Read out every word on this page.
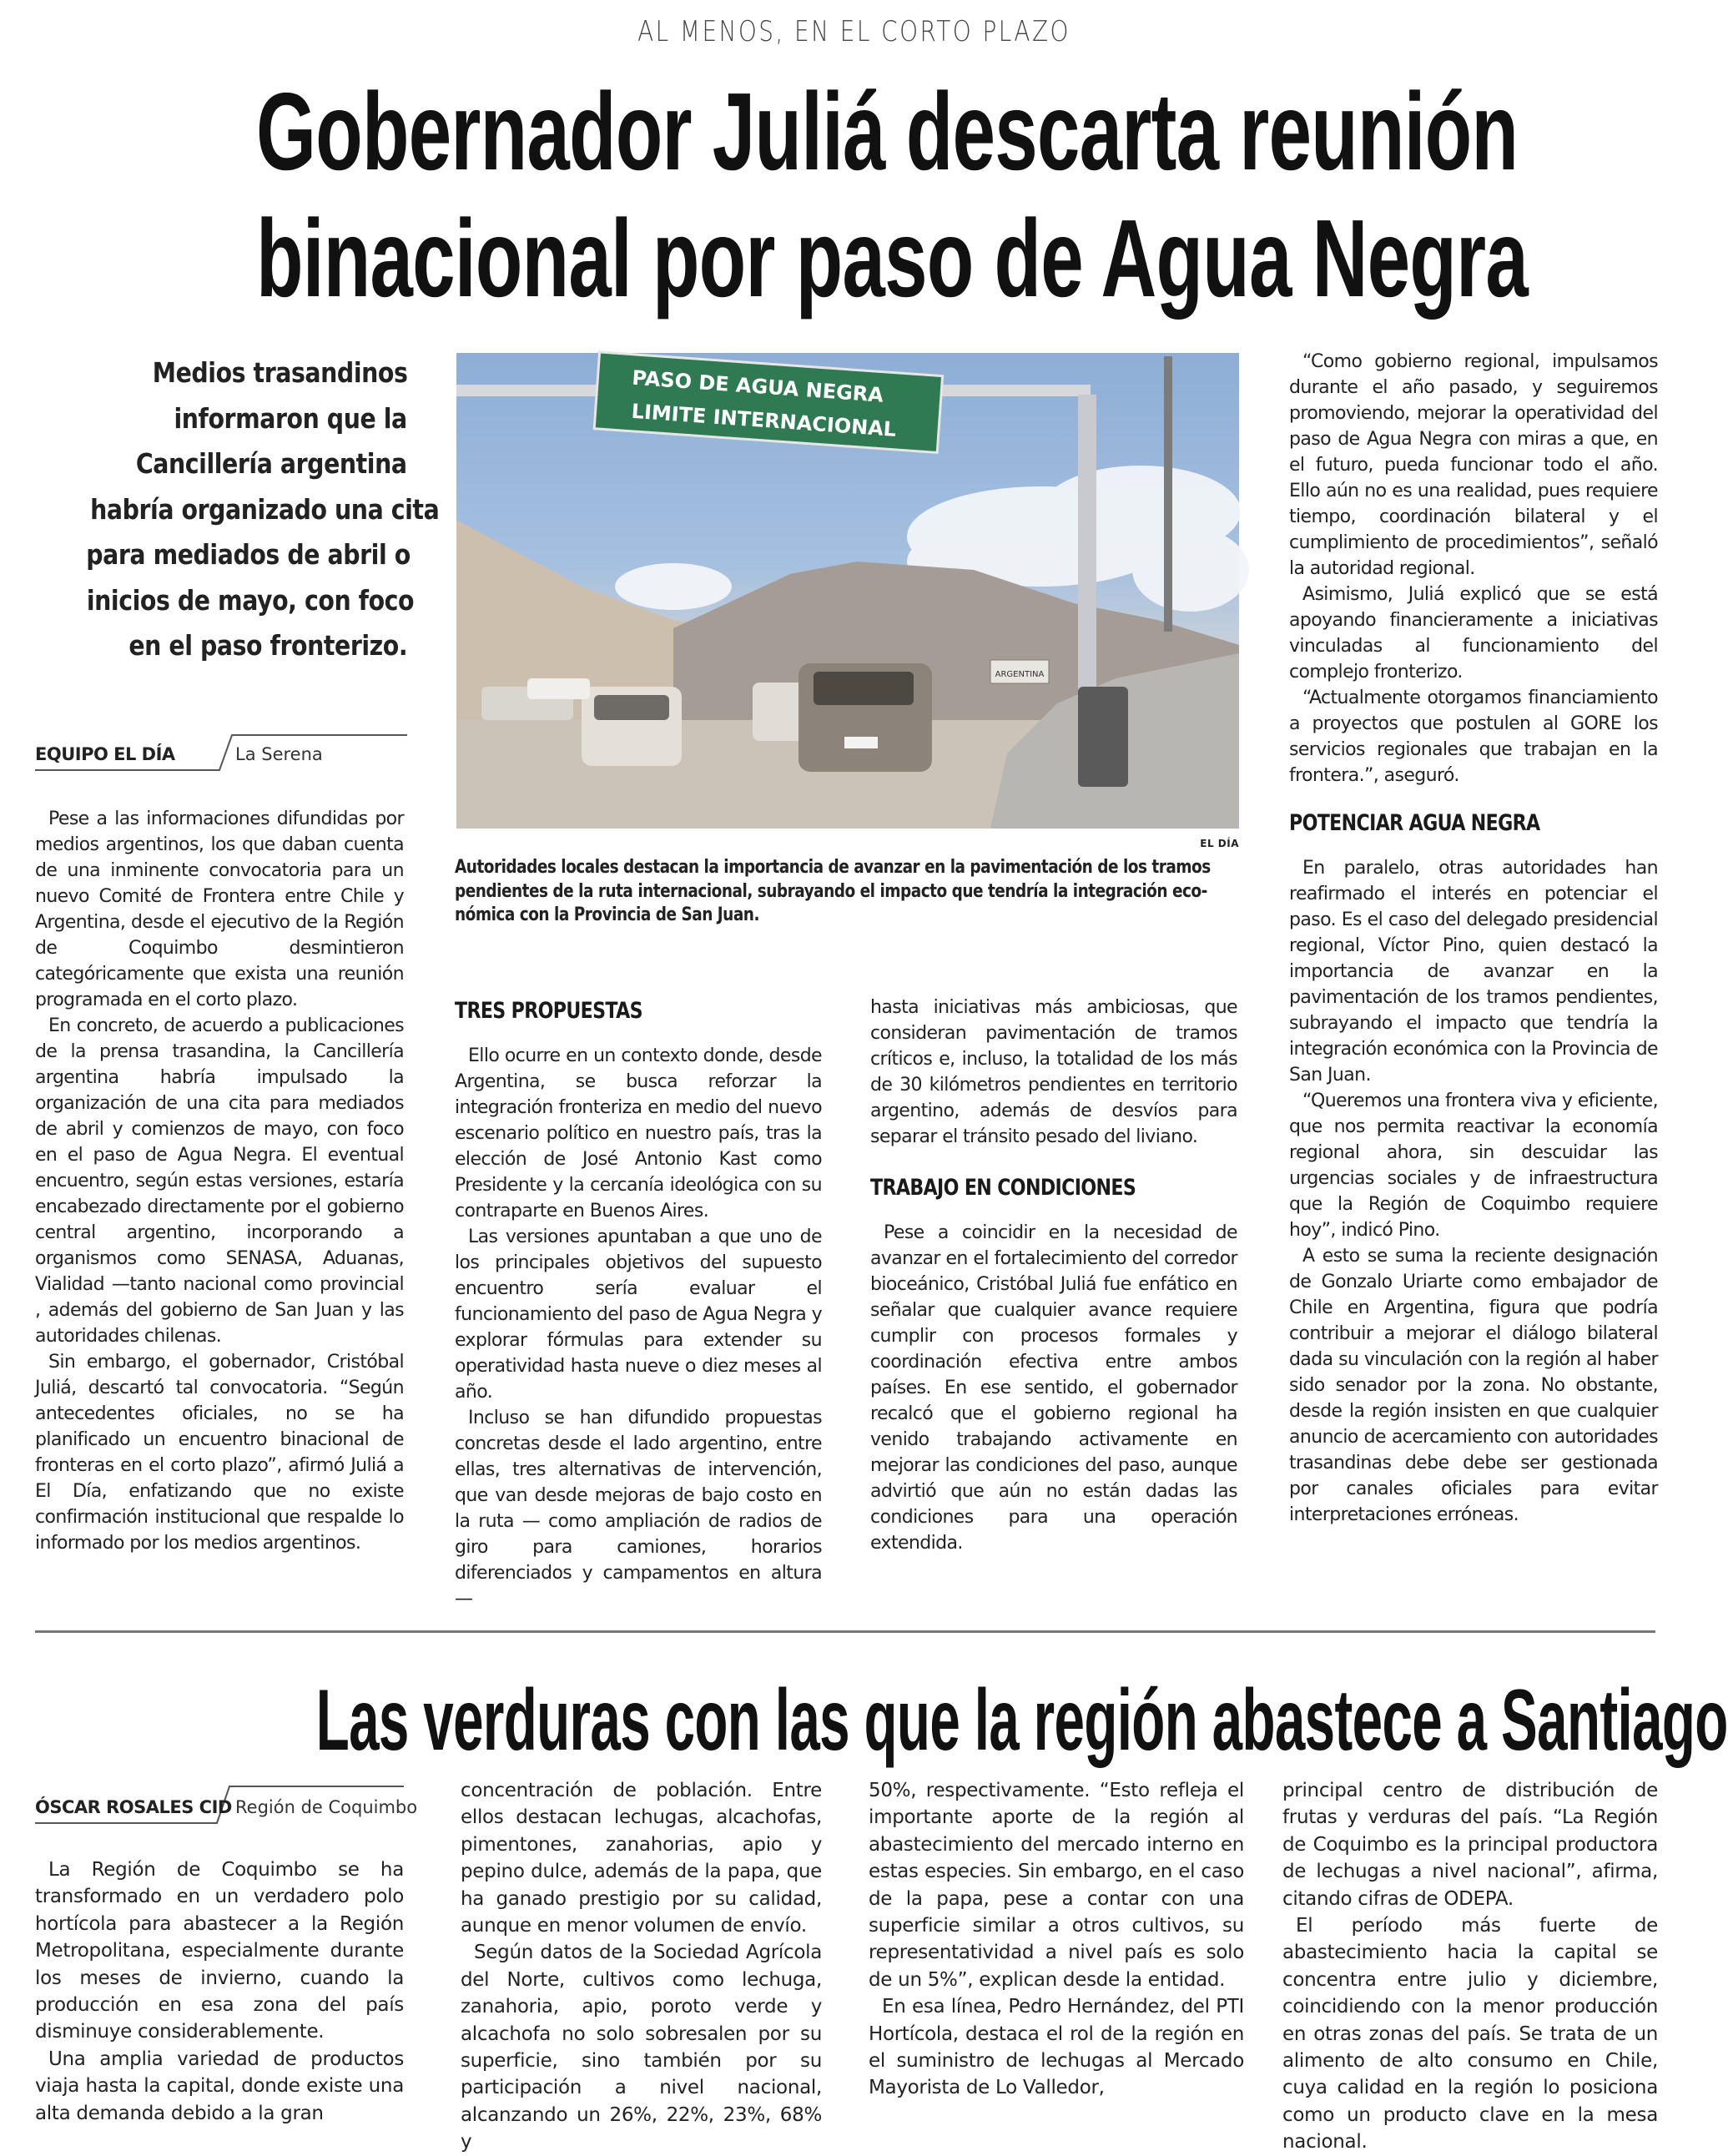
AL MENOS, EN EL CORTO PLAZO
Gobernador Juliá descarta reunión
binacional por paso de Agua Negra
Medios trasandinos
informaron que la
Cancillería argentina
habría organizado una cita
para mediados de abril o
inicios de mayo, con foco
en el paso fronterizo.
EQUIPO EL DÍA	La Serena

Pese a las informaciones difundidas por medios argentinos, los que daban cuenta de una inminente convocatoria para un nuevo Comité de Frontera entre Chile y Argentina, desde el ejecutivo de la Región de Coquimbo desmintieron categóricamente que exista una reunión programada en el corto plazo.

En concreto, de acuerdo a publicaciones de la prensa trasandina, la Cancillería argentina habría impulsado la organización de una cita para mediados de abril y comienzos de mayo, con foco en el paso de Agua Negra. El eventual encuentro, según estas versiones, estaría encabezado directamente por el gobierno central argentino, incorporando a organismos como SENASA, Aduanas, Vialidad —tanto nacional como provincial , además del gobierno de San Juan y las autoridades chilenas.

Sin embargo, el gobernador, Cristóbal Juliá, descartó tal convocatoria. “Según antecedentes oficiales, no se ha planificado un encuentro binacional de fronteras en el corto plazo”, afirmó Juliá a El Día, enfatizando que no existe confirmación institucional que respalde lo informado por los medios argentinos.

PASO DE AGUA NEGRA
LIMITE INTERNACIONAL
ARGENTINA
EL DÍA
Autoridades locales destacan la importancia de avanzar en la pavimentación de los tramos
pendientes de la ruta internacional, subrayando el impacto que tendría la integración eco-
nómica con la Provincia de San Juan.
TRES PROPUESTAS

Ello ocurre en un contexto donde, desde Argentina, se busca reforzar la integración fronteriza en medio del nuevo escenario político en nuestro país, tras la elección de José Antonio Kast como Presidente y la cercanía ideológica con su contraparte en Buenos Aires.

Las versiones apuntaban a que uno de los principales objetivos del supuesto encuentro sería evaluar el funcionamiento del paso de Agua Negra y explorar fórmulas para extender su operatividad hasta nueve o diez meses al año.

Incluso se han difundido propuestas concretas desde el lado argentino, entre ellas, tres alternativas de intervención, que van desde mejoras de bajo costo en la ruta — como ampliación de radios de giro para camiones, horarios diferenciados y campamentos en altura —

hasta iniciativas más ambiciosas, que consideran pavimentación de tramos críticos e, incluso, la totalidad de los más de 30 kilómetros pendientes en territorio argentino, además de desvíos para separar el tránsito pesado del liviano.

TRABAJO EN CONDICIONES

Pese a coincidir en la necesidad de avanzar en el fortalecimiento del corredor bioceánico, Cristóbal Juliá fue enfático en señalar que cualquier avance requiere cumplir con procesos formales y coordinación efectiva entre ambos países. En ese sentido, el gobernador recalcó que el gobierno regional ha venido trabajando activamente en mejorar las condiciones del paso, aunque advirtió que aún no están dadas las condiciones para una operación extendida.

“Como gobierno regional, impulsamos durante el año pasado, y seguiremos promoviendo, mejorar la operatividad del paso de Agua Negra con miras a que, en el futuro, pueda funcionar todo el año. Ello aún no es una realidad, pues requiere tiempo, coordinación bilateral y el cumplimiento de procedimientos”, señaló la autoridad regional.

Asimismo, Juliá explicó que se está apoyando financieramente a iniciativas vinculadas al funcionamiento del complejo fronterizo.

“Actualmente otorgamos financiamiento a proyectos que postulen al GORE los servicios regionales que trabajan en la frontera.”, aseguró.

POTENCIAR AGUA NEGRA

En paralelo, otras autoridades han reafirmado el interés en potenciar el paso. Es el caso del delegado presidencial regional, Víctor Pino, quien destacó la importancia de avanzar en la pavimentación de los tramos pendientes, subrayando el impacto que tendría la integración económica con la Provincia de San Juan.

“Queremos una frontera viva y eficiente, que nos permita reactivar la economía regional ahora, sin descuidar las urgencias sociales y de infraestructura que la Región de Coquimbo requiere hoy”, indicó Pino.

A esto se suma la reciente designación de Gonzalo Uriarte como embajador de Chile en Argentina, figura que podría contribuir a mejorar el diálogo bilateral dada su vinculación con la región al haber sido senador por la zona. No obstante, desde la región insisten en que cualquier anuncio de acercamiento con autoridades trasandinas debe debe ser gestionada por canales oficiales para evitar interpretaciones erróneas.

Las verduras con las que la región abastece a Santiago
ÓSCAR ROSALES CID Región de Coquimbo

La Región de Coquimbo se ha transformado en un verdadero polo hortícola para abastecer a la Región Metropolitana, especialmente durante los meses de invierno, cuando la producción en esa zona del país disminuye considerablemente.

Una amplia variedad de productos viaja hasta la capital, donde existe una alta demanda debido a la gran

concentración de población. Entre ellos destacan lechugas, alcachofas, pimentones, zanahorias, apio y pepino dulce, además de la papa, que ha ganado prestigio por su calidad, aunque en menor volumen de envío.

Según datos de la Sociedad Agrícola del Norte, cultivos como lechuga, zanahoria, apio, poroto verde y alcachofa no solo sobresalen por su superficie, sino también por su participación a nivel nacional, alcanzando un 26%, 22%, 23%, 68% y

50%, respectivamente. “Esto refleja el importante aporte de la región al abastecimiento del mercado interno en estas especies. Sin embargo, en el caso de la papa, pese a contar con una superficie similar a otros cultivos, su representatividad a nivel país es solo de un 5%”, explican desde la entidad.

En esa línea, Pedro Hernández, del PTI Hortícola, destaca el rol de la región en el suministro de lechugas al Mercado Mayorista de Lo Valledor,

principal centro de distribución de frutas y verduras del país. “La Región de Coquimbo es la principal productora de lechugas a nivel nacional”, afirma, citando cifras de ODEPA.

El período más fuerte de abastecimiento hacia la capital se concentra entre julio y diciembre, coincidiendo con la menor producción en otras zonas del país. Se trata de un alimento de alto consumo en Chile, cuya calidad en la región lo posiciona como un producto clave en la mesa nacional.
